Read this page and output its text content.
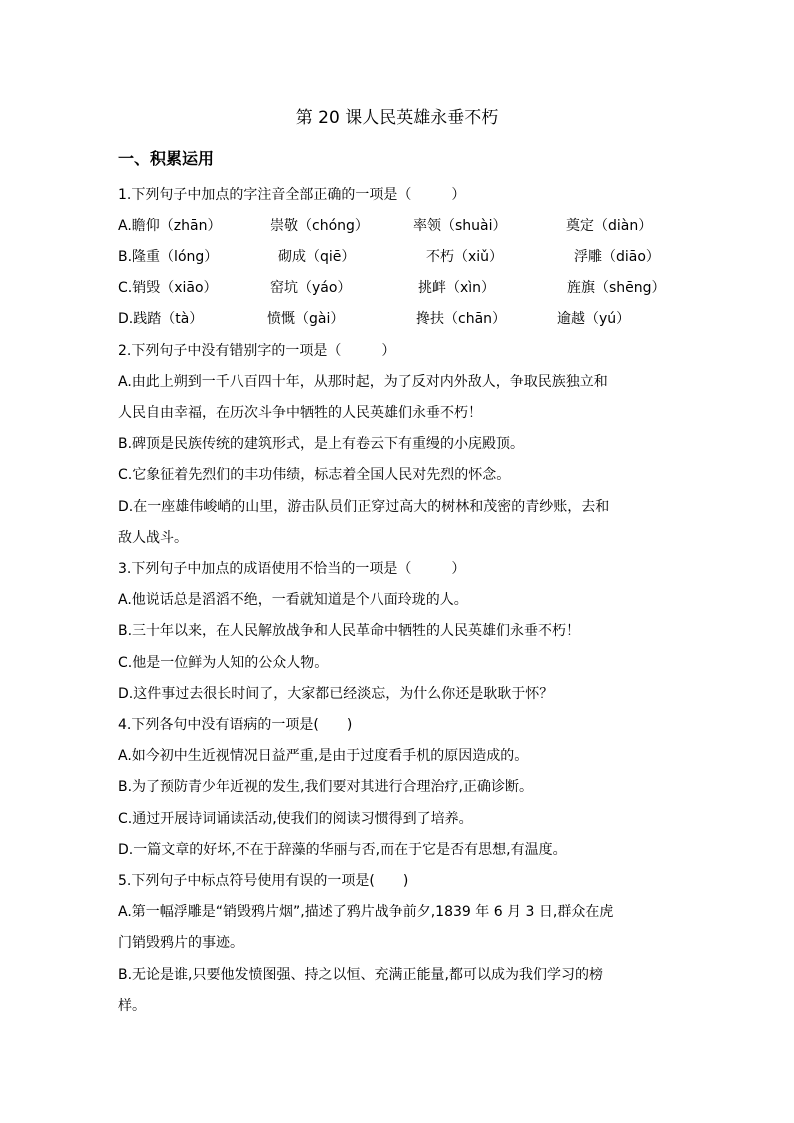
第 20 课人民英雄永垂不朽
一、积累运用
1.下列句子中加点的字注音全部正确的一项是（	）
A.瞻仰（zhān）	崇敬（chóng）	率领（shuài）	奠定（diàn）
B.隆重（lóng）	砌成（qiē）	不朽（xiǔ）	浮雕（diāo）
C.销毁（xiāo）	窑坑（yáo）	挑衅（xìn）	旌旗（shēng）
D.践踏（tà）	愤慨（gài）	搀扶（chān）	逾越（yú）
2.下列句子中没有错别字的一项是（	）
A.由此上朔到一千八百四十年，从那时起，为了反对内外敌人，争取民族独立和
人民自由幸福，在历次斗争中牺牲的人民英雄们永垂不朽！
B.碑顶是民族传统的建筑形式，是上有卷云下有重缦的小庑殿顶。
C.它象征着先烈们的丰功伟绩，标志着全国人民对先烈的怀念。
D.在一座雄伟峻峭的山里，游击队员们正穿过高大的树林和茂密的青纱账，去和
敌人战斗。
3.下列句子中加点的成语使用不恰当的一项是（	）
A.他说话总是滔滔不绝，一看就知道是个八面玲珑的人。
B.三十年以来，在人民解放战争和人民革命中牺牲的人民英雄们永垂不朽！
C.他是一位鲜为人知的公众人物。
D.这件事过去很长时间了，大家都已经淡忘，为什么你还是耿耿于怀？
4.下列各句中没有语病的一项是( )
A.如今初中生近视情况日益严重,是由于过度看手机的原因造成的。
B.为了预防青少年近视的发生,我们要对其进行合理治疗,正确诊断。
C.通过开展诗词诵读活动,使我们的阅读习惯得到了培养。
D.一篇文章的好坏,不在于辞藻的华丽与否,而在于它是否有思想,有温度。
5.下列句子中标点符号使用有误的一项是( )
A.第一幅浮雕是“销毁鸦片烟”,描述了鸦片战争前夕,1839 年 6 月 3 日,群众在虎
门销毁鸦片的事迹。
B.无论是谁,只要他发愤图强、持之以恒、充满正能量,都可以成为我们学习的榜
样。
